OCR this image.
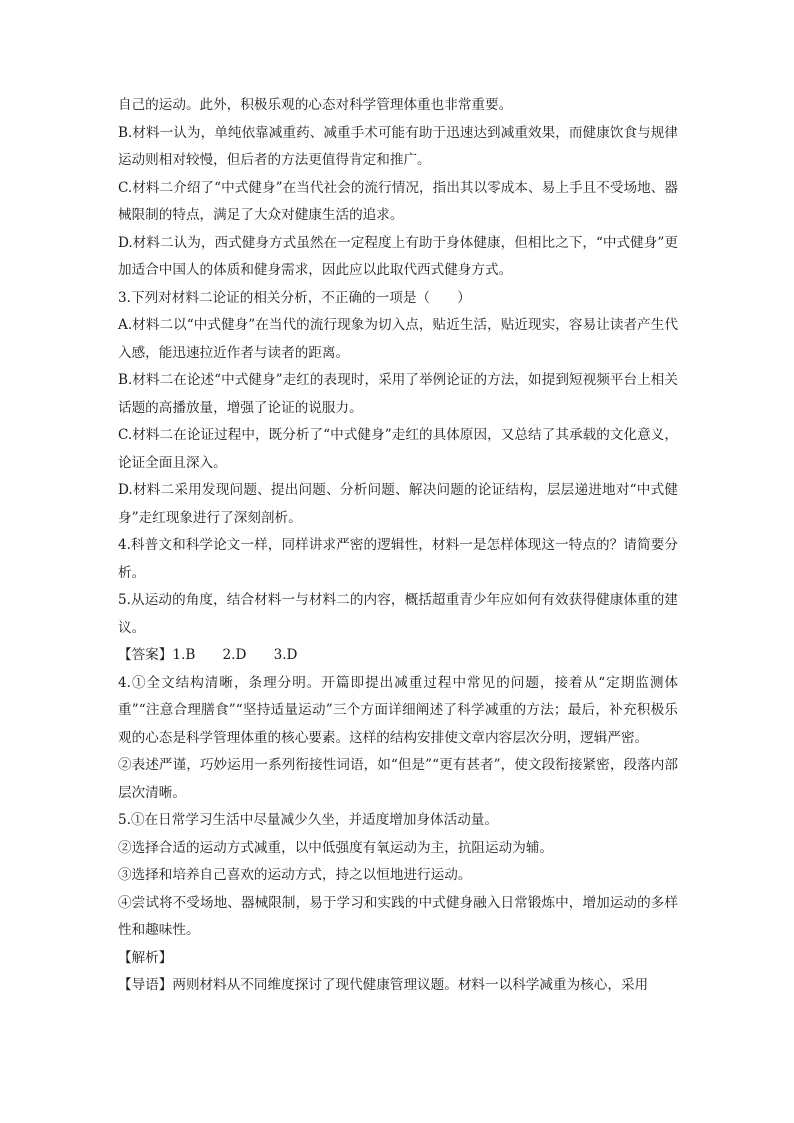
自己的运动。此外，积极乐观的心态对科学管理体重也非常重要。

B.材料一认为，单纯依靠减重药、减重手术可能有助于迅速达到减重效果，而健康饮食与规律运动则相对较慢，但后者的方法更值得肯定和推广。

C.材料二介绍了“中式健身”在当代社会的流行情况，指出其以零成本、易上手且不受场地、器械限制的特点，满足了大众对健康生活的追求。

D.材料二认为，西式健身方式虽然在一定程度上有助于身体健康，但相比之下，“中式健身”更加适合中国人的体质和健身需求，因此应以此取代西式健身方式。

3.下列对材料二论证的相关分析，不正确的一项是（　　）

A.材料二以“中式健身”在当代的流行现象为切入点，贴近生活，贴近现实，容易让读者产生代入感，能迅速拉近作者与读者的距离。

B.材料二在论述“中式健身”走红的表现时，采用了举例论证的方法，如提到短视频平台上相关话题的高播放量，增强了论证的说服力。

C.材料二在论证过程中，既分析了“中式健身”走红的具体原因，又总结了其承载的文化意义，论证全面且深入。

D.材料二采用发现问题、提出问题、分析问题、解决问题的论证结构，层层递进地对“中式健身”走红现象进行了深刻剖析。

4.科普文和科学论文一样，同样讲求严密的逻辑性，材料一是怎样体现这一特点的？请简要分析。

5.从运动的角度，结合材料一与材料二的内容，概括超重青少年应如何有效获得健康体重的建议。

【答案】1.B　　2.D　　3.D

4.①全文结构清晰，条理分明。开篇即提出减重过程中常见的问题，接着从“定期监测体重”“注意合理膳食”“坚持适量运动”三个方面详细阐述了科学减重的方法；最后，补充积极乐观的心态是科学管理体重的核心要素。这样的结构安排使文章内容层次分明，逻辑严密。

②表述严谨，巧妙运用一系列衔接性词语，如“但是”“更有甚者”，使文段衔接紧密，段落内部层次清晰。

5.①在日常学习生活中尽量减少久坐，并适度增加身体活动量。

②选择合适的运动方式减重，以中低强度有氧运动为主，抗阻运动为辅。

③选择和培养自己喜欢的运动方式，持之以恒地进行运动。

④尝试将不受场地、器械限制，易于学习和实践的中式健身融入日常锻炼中，增加运动的多样性和趣味性。

【解析】

【导语】两则材料从不同维度探讨了现代健康管理议题。材料一以科学减重为核心，采用
